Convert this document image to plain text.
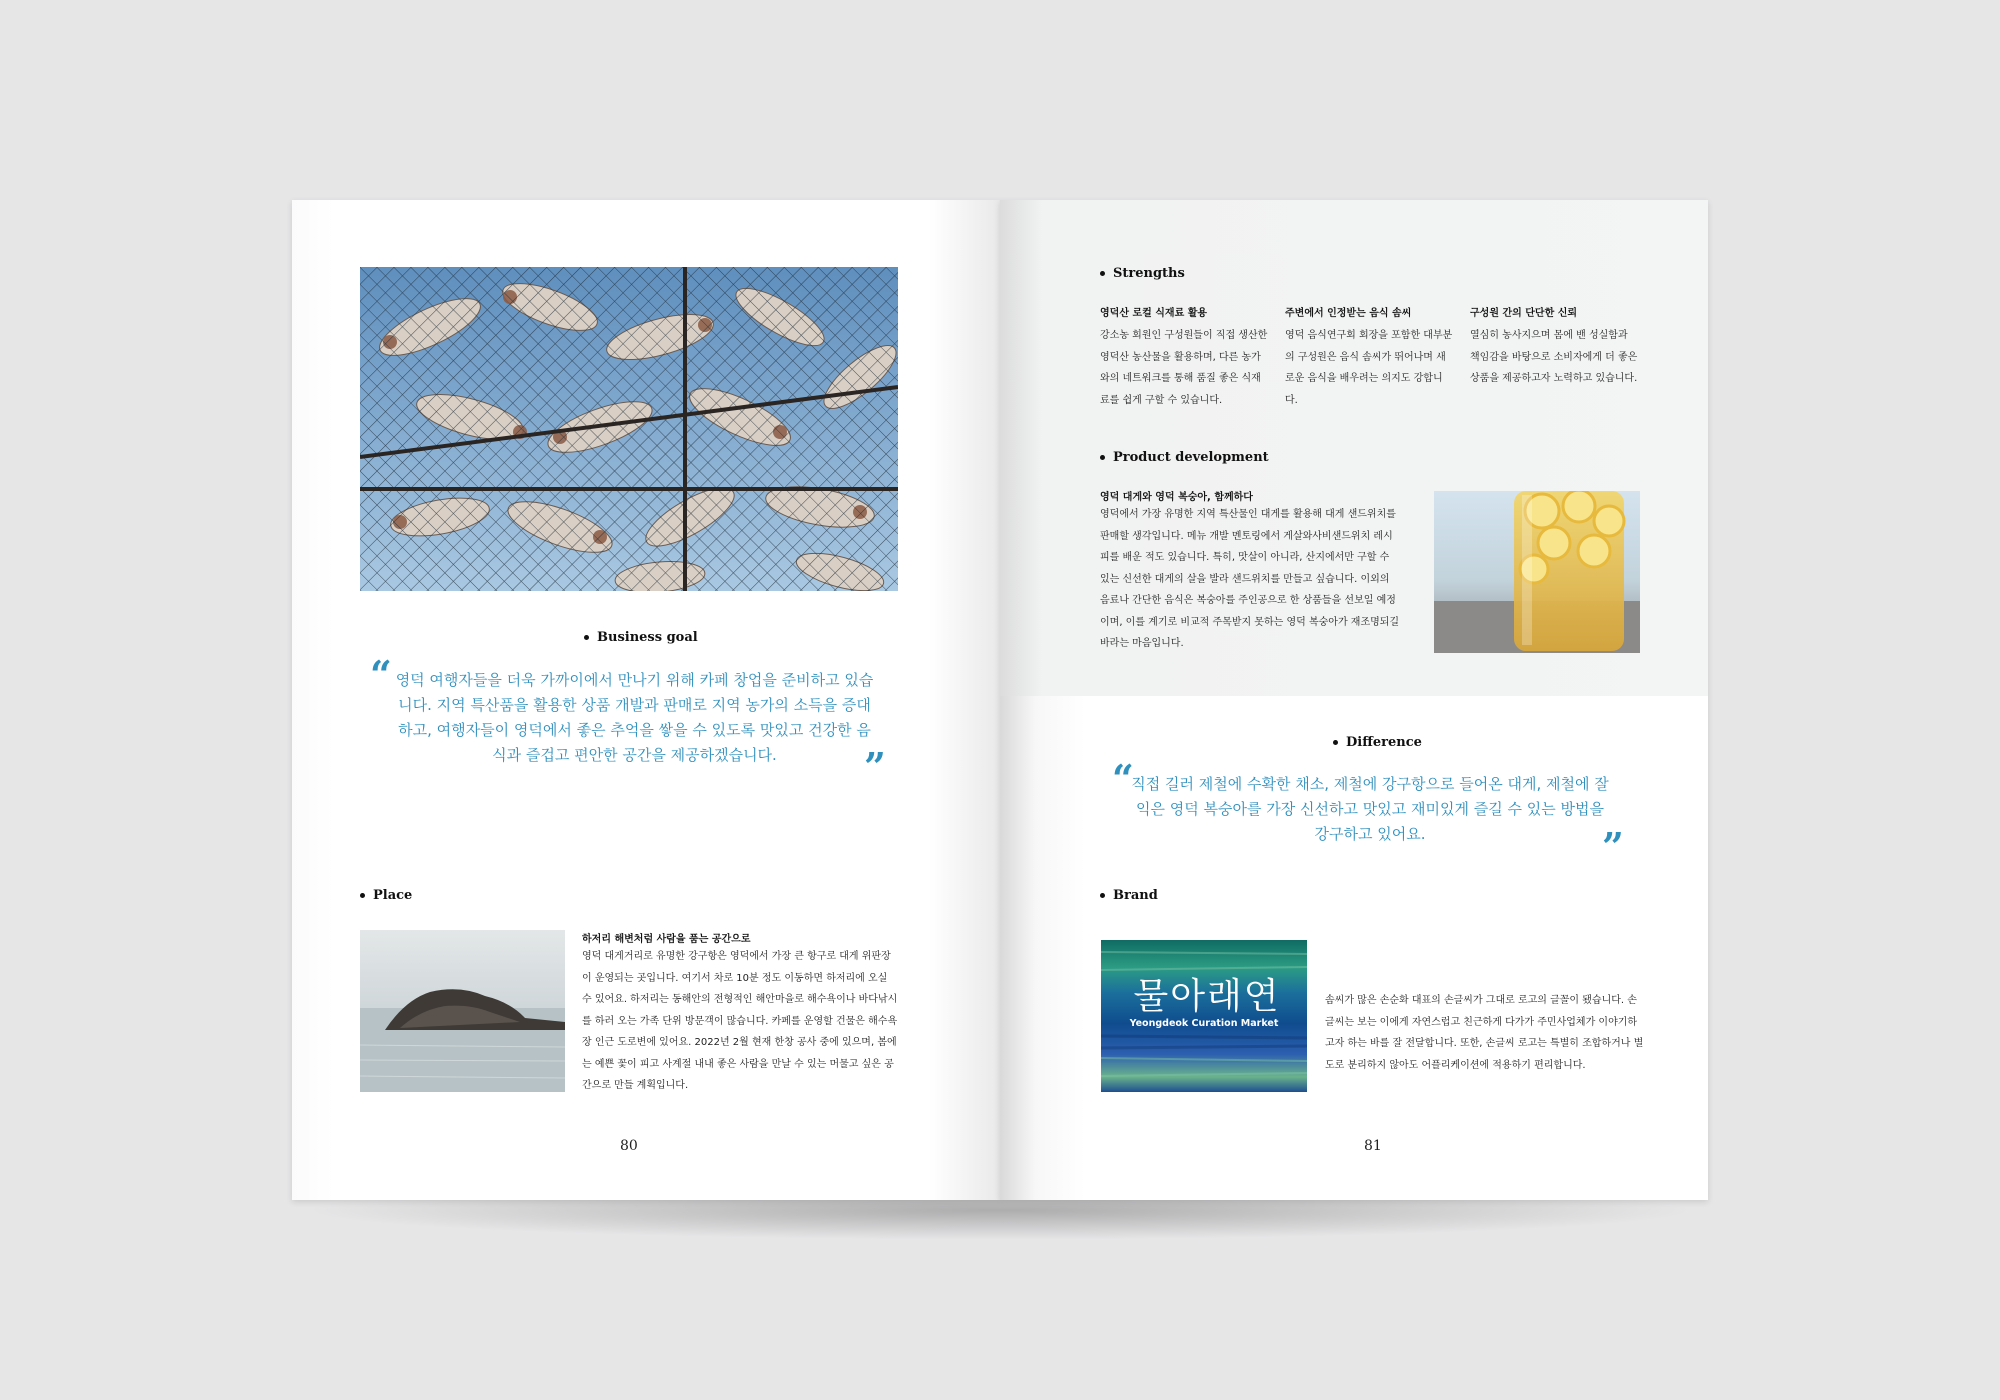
Business goal
“ 영덕 여행자들을 더욱 가까이에서 만나기 위해 카페 창업을 준비하고 있습니다. 지역 특산품을 활용한 상품 개발과 판매로 지역 농가의 소득을 증대하고, 여행자들이 영덕에서 좋은 추억을 쌓을 수 있도록 맛있고 건강한 음식과 즐겁고 편안한 공간을 제공하겠습니다.	”
Place
하저리 해변처럼 사람을 품는 공간으로
영덕 대게거리로 유명한 강구항은 영덕에서 가장 큰 항구로 대게 위판장이 운영되는 곳입니다. 여기서 차로 10분 정도 이동하면 하저리에 오실 수 있어요. 하저리는 동해안의 전형적인 해안마을로 해수욕이나 바다낚시를 하러 오는 가족 단위 방문객이 많습니다. 카페를 운영할 건물은 해수욕장 인근 도로변에 있어요. 2022년 2월 현재 한창 공사 중에 있으며, 봄에는 예쁜 꽃이 피고 사계절 내내 좋은 사람을 만날 수 있는 머물고 싶은 공간으로 만들 계획입니다.
80
Strengths
영덕산 로컬 식재료 활용
강소농 회원인 구성원들이 직접 생산한 영덕산 농산물을 활용하며, 다른 농가와의 네트워크를 통해 품질 좋은 식재료를 쉽게 구할 수 있습니다.
주변에서 인정받는 음식 솜씨
영덕 음식연구회 회장을 포함한 대부분의 구성원은 음식 솜씨가 뛰어나며 새로운 음식을 배우려는 의지도 강합니다.
구성원 간의 단단한 신뢰
열심히 농사지으며 몸에 밴 성실함과 책임감을 바탕으로 소비자에게 더 좋은 상품을 제공하고자 노력하고 있습니다.
Product development
영덕 대게와 영덕 복숭아, 함께하다
영덕에서 가장 유명한 지역 특산물인 대게를 활용해 대게 샌드위치를 판매할 생각입니다. 메뉴 개발 멘토링에서 게살와사비샌드위치 레시피를 배운 적도 있습니다. 특히, 맛살이 아니라, 산지에서만 구할 수 있는 신선한 대게의 살을 발라 샌드위치를 만들고 싶습니다. 이외의 음료나 간단한 음식은 복숭아를 주인공으로 한 상품들을 선보일 예정이며, 이를 계기로 비교적 주목받지 못하는 영덕 복숭아가 재조명되길 바라는 마음입니다.
Difference
“
직접 길러 제철에 수확한 채소, 제철에 강구항으로 들어온 대게, 제철에 잘 익은 영덕 복숭아를 가장 신선하고 맛있고 재미있게 즐길 수 있는 방법을 강구하고 있어요.	”
Brand
물아래연
Yeongdeok Curation Market
솜씨가 많은 손순화 대표의 손글씨가 그대로 로고의 글꼴이 됐습니다. 손글씨는 보는 이에게 자연스럽고 친근하게 다가가 주민사업체가 이야기하고자 하는 바를 잘 전달합니다. 또한, 손글씨 로고는 특별히 조합하거나 별도로 분리하지 않아도 어플리케이션에 적용하기 편리합니다.
81
